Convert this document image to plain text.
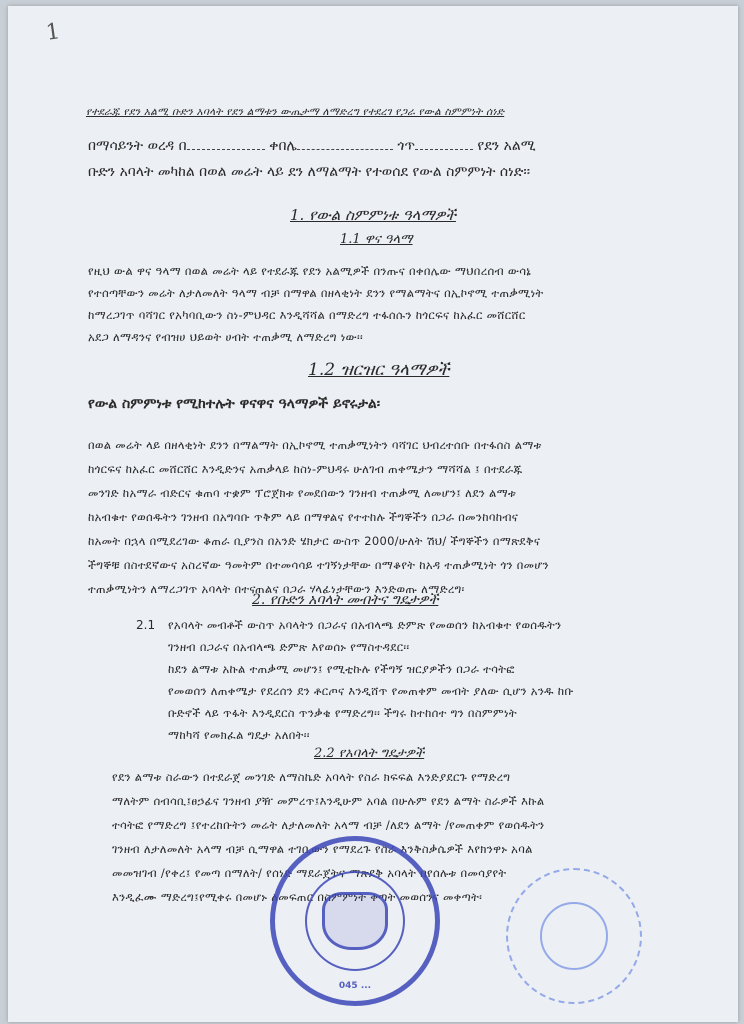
1
የተደራጁ የደን አልሚ ቡድን አባላት የደን ልማቱን ውጤታማ ለማድረግ የተደረገ የጋራ የውል ስምምነት ሰነድ
በማሳይንት ወረዳ በ	ቀበሌ	ጎጥ	የደን አልሚ
ቡድን አባላት መካከል በወል መሬት ላይ ደን ለማልማት የተወሰደ የውል ስምምነት ሰነድ፡፡
1. የውል ስምምነቱ ዓላማዎች
1.1 ዋና ዓላማ
የዚህ ውል ዋና ዓላማ በወል መሬት ላይ የተደራጁ የደን አልሚዎች በንጡና በቀበሌው ማህበረሰብ ውሳኔ
የተሰጣቸውን መሬት ለታለመለት ዓላማ ብቻ በማዋል በዘላቂነት ደንን የማልማትና በኢኮኖሚ ተጠቃሚነት
ከማረጋገጥ ባሻገር የአካባቢውን ስነ-ምህዳር እንዲሻሻል በማድረግ ተፋሰሱን ከጎርፍና ከአፈር መሸርሸር
አደጋ ለማዳንና የብዝሀ ህይወት ሀብት ተጠቃሚ ለማድረግ ነው፡፡
1.2 ዝርዝር ዓላማዎች
የውል ስምምነቱ የሚከተሉት ዋናዋና ዓላማዎች ይኖሩታል፡
በወል መሬት ላይ በዘላቂነት ደንን በማልማት በኢኮኖሚ ተጠቃሚነትን ባሻገር ህብረተሰቡ በተፋሰስ ልማቱ
ከጎርፍና ከአፈር መሸርሸር እንዲድንና አጠቃላይ ከስነ-ምህዳሩ ሁለገብ ጠቀሜታን ማሻሻል ፤ በተደራጁ
መንገድ ከአማራ ብድርና ቁጠባ ተቋም ፕሮጀክቱ የመደበውን ገንዘብ ተጠቃሚ ለመሆን፤ ለደን ልማቱ
ከአብቁተ የወሰዱትን ገንዘብ በአግባቡ ጥቅም ላይ በማዋልና የተተከሉ ችግኞችን በጋራ በመንከባከብና
ከአመት በኋላ በሚደረገው ቆጠራ ቢያንስ በአንድ ሄክታር ውስጥ 2000/ሁለት ሽህ/ ችግኞችን በማጽደቅና
ችግኞቹ በስተደኛውና አስረኛው ዓመትም በተመሳሳይ ተገኝነታቸው በማቆየት ከአዳ ተጠቃሚነት ጎን በመሆን
ተጠቃሚነትን ለማረጋገጥ አባላት በተናጠልና በጋራ ሃላፊነታቸውን እንድወጡ ለማድረግ፡
2. የቡድን አባላት መብትና ግዴታዎች
2.1 የአባላት መብቶች ውስጥ አባላትን በጋራና በአብላጫ ድምጽ የመወሰን ከአብቁተ የወሰዱትን
ገንዘብ በጋራና በአብላጫ ድምጽ እየወሰኑ የማስተዳደር፡፡
ከደን ልማቱ አኩል ተጠቃሚ መሆን፤ የሚቲኩሉ የችግኝ ዝርያዎችን በጋራ ተሳትፎ
የመወሰን ለጠቀሜታ የደረሰን ደን ቶርጦና እንዲሸጥ የመጠቀም መብት ያለው ሲሆን አንዱ ከቡ
ቡድኖች ላይ ጥፋት እንዲደርስ ጥንቃቄ የማድረግ፡፡ ችግሩ ከተከሰተ ግን በስምምነት
ማከካሻ የመክፈል ግዴታ አለበት፡፡
2.2 የአባላት ግዴታዎች
የደን ልማቱ ስራውን በተደራጀ መንገድ ለማስኬድ አባላት የስራ ክፍፍል እንድያደርጉ የማድረግ
ማለትም ሰብሳቢ፤ፀኃፊና ገንዘብ ያዥ መምረጥ፤እንዲሁም አባል በሁሉም የደን ልማት ስራዎች እኩል
ተሳትፎ የማድረግ ፤የተረከቡትን መሬት ለታለመለት አላማ ብቻ /ለደን ልማት /የመጠቀም የወሰዱትን
ገንዘብ ለታለመለት አላማ ብቻ ሲማዋል ተገቢውን የማደረጉ የስራ እንቅስቃሴዎች እየክንዋኑ አባል
መመዝገብ /የቀረ፤ የመጣ በማለት/ የሰነድ ማደራጀትና ማጽደቅ አባላት በየሰሉቱ በመሳያየት
እንዲፈሙ ማድረግ፤የሚቀሩ በመሆኑ ለመፍጠር በስምምነት ቀጣት መወሰንና መቀጣት፡
045 ...
